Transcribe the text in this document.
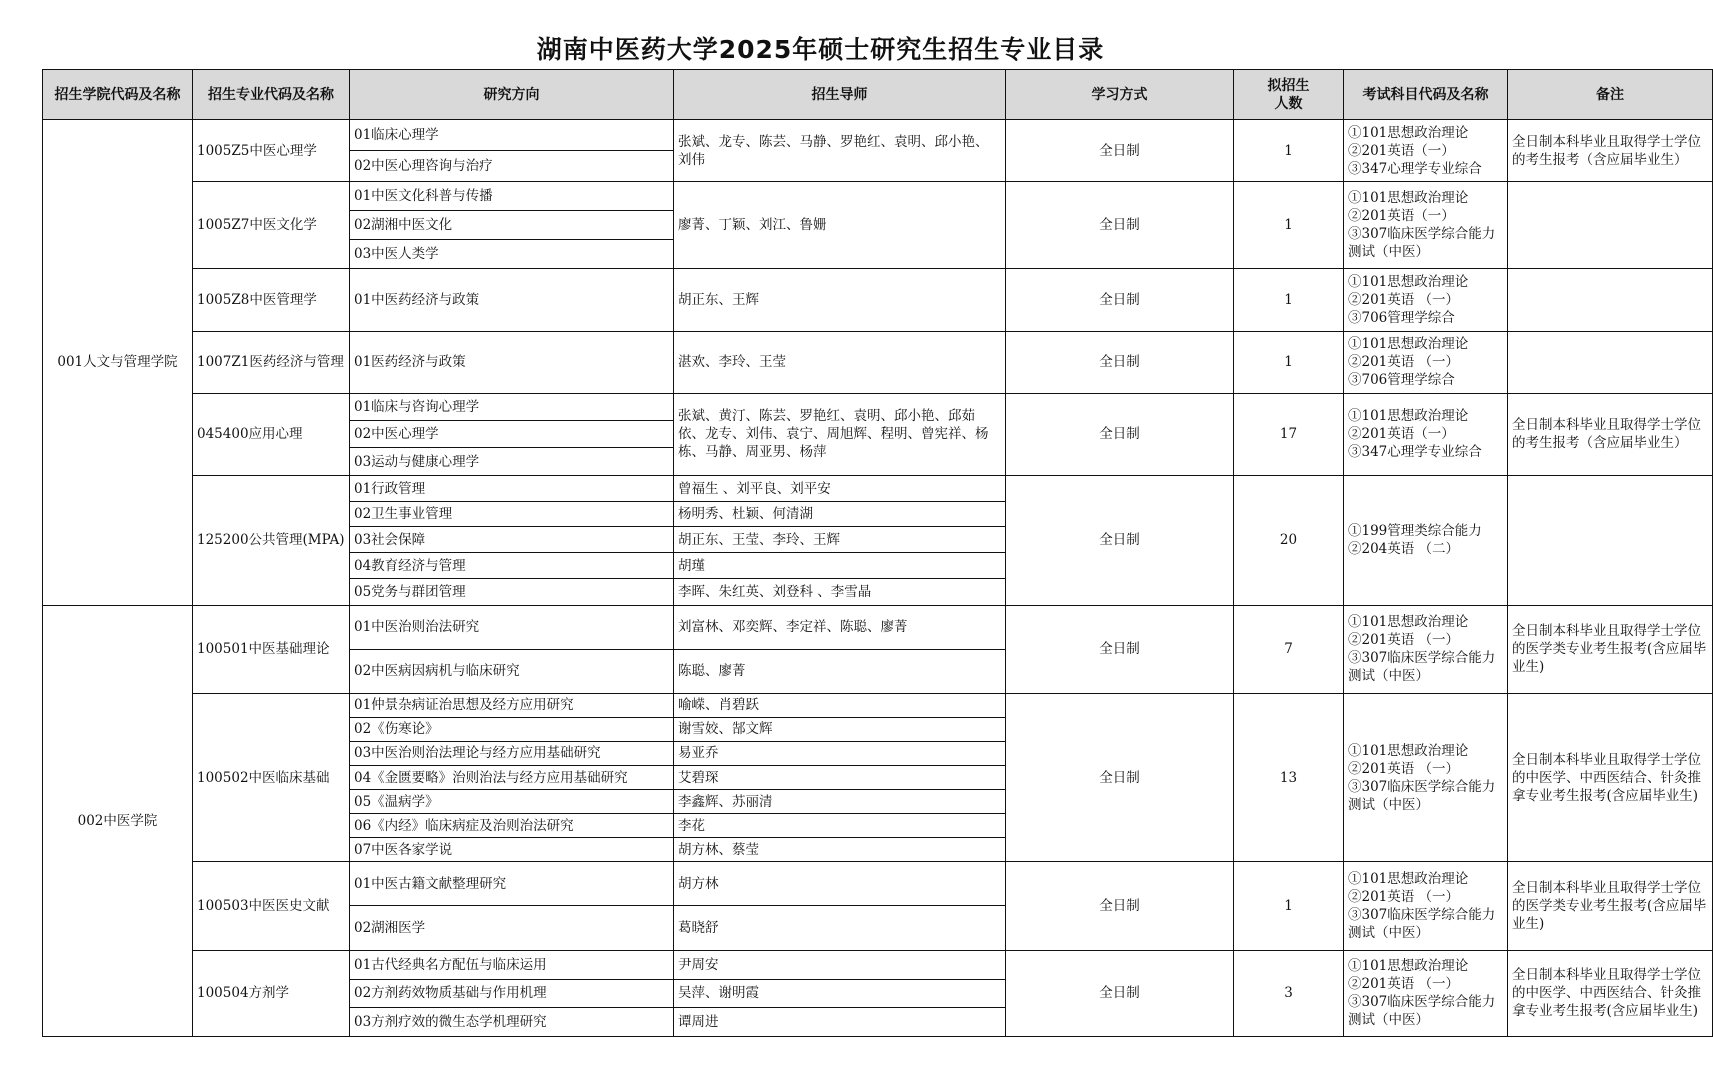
湖南中医药大学2025年硕士研究生招生专业目录
招生学院代码及名称	招生专业代码及名称	研究方向	招生导师	学习方式	拟招生人数	考试科目代码及名称	备注
001人文与管理学院	1005Z5中医心理学	01临床心理学	张斌、龙专、陈芸、马静、罗艳红、袁明、邱小艳、刘伟	全日制	1	①101思想政治理论
②201英语（一）
③347心理学专业综合	全日制本科毕业且取得学士学位的考生报考（含应届毕业生）

		02中医心理咨询与治疗					
	1005Z7中医文化学	01中医文化科普与传播	廖菁、丁颖、刘江、鲁姗	全日制	1	①101思想政治理论
②201英语（一）
③307临床医学综合能力测试（中医）	

		02湖湘中医文化					
		03中医人类学					
	1005Z8中医管理学	01中医药经济与政策	胡正东、王辉	全日制	1	①101思想政治理论
②201英语 （一）
③706管理学综合	

	1007Z1医药经济与管理	01医药经济与政策	湛欢、李玲、王莹	全日制	1	①101思想政治理论
②201英语 （一）
③706管理学综合	

	045400应用心理	01临床与咨询心理学	张斌、黄汀、陈芸、罗艳红、袁明、邱小艳、邱茹依、龙专、刘伟、袁宁、周旭辉、程明、曾宪祥、杨栋、马静、周亚男、杨萍	全日制	17	①101思想政治理论
②201英语（一）
③347心理学专业综合	全日制本科毕业且取得学士学位的考生报考（含应届毕业生）

		02中医心理学					
		03运动与健康心理学					
	125200公共管理(MPA)	01行政管理	曾福生 、刘平良、刘平安	全日制	20	①199管理类综合能力
②204英语 （二）	

		02卫生事业管理	杨明秀、杜颖、何清湖				
		03社会保障	胡正东、王莹、李玲、王辉				
		04教育经济与管理	胡瑾				
		05党务与群团管理	李晖、朱红英、刘登科 、李雪晶				
002中医学院	100501中医基础理论	01中医治则治法研究	刘富林、邓奕辉、李定祥、陈聪、廖菁	全日制	7	①101思想政治理论
②201英语 （一）
③307临床医学综合能力测试（中医）	全日制本科毕业且取得学士学位的医学类专业考生报考(含应届毕业生)

		02中医病因病机与临床研究	陈聪、廖菁				
	100502中医临床基础	01仲景杂病证治思想及经方应用研究	喻嵘、肖碧跃	全日制	13	①101思想政治理论
②201英语 （一）
③307临床医学综合能力测试（中医）	全日制本科毕业且取得学士学位的中医学、中西医结合、针灸推拿专业考生报考(含应届毕业生)

		02《伤寒论》	谢雪姣、郜文辉				
		03中医治则治法理论与经方应用基础研究	易亚乔				
		04《金匮要略》治则治法与经方应用基础研究	艾碧琛				
		05《温病学》	李鑫辉、苏丽清				
		06《内经》临床病症及治则治法研究	李花				
		07中医各家学说	胡方林、蔡莹				
	100503中医医史文献	01中医古籍文献整理研究	胡方林	全日制	1	①101思想政治理论
②201英语 （一）
③307临床医学综合能力测试（中医）	全日制本科毕业且取得学士学位的医学类专业考生报考(含应届毕业生)

		02湖湘医学	葛晓舒				
	100504方剂学	01古代经典名方配伍与临床运用	尹周安	全日制	3	①101思想政治理论
②201英语 （一）
③307临床医学综合能力测试（中医）	全日制本科毕业且取得学士学位的中医学、中西医结合、针灸推拿专业考生报考(含应届毕业生)

		02方剂药效物质基础与作用机理	吴萍、谢明霞				
		03方剂疗效的微生态学机理研究	谭周进				
